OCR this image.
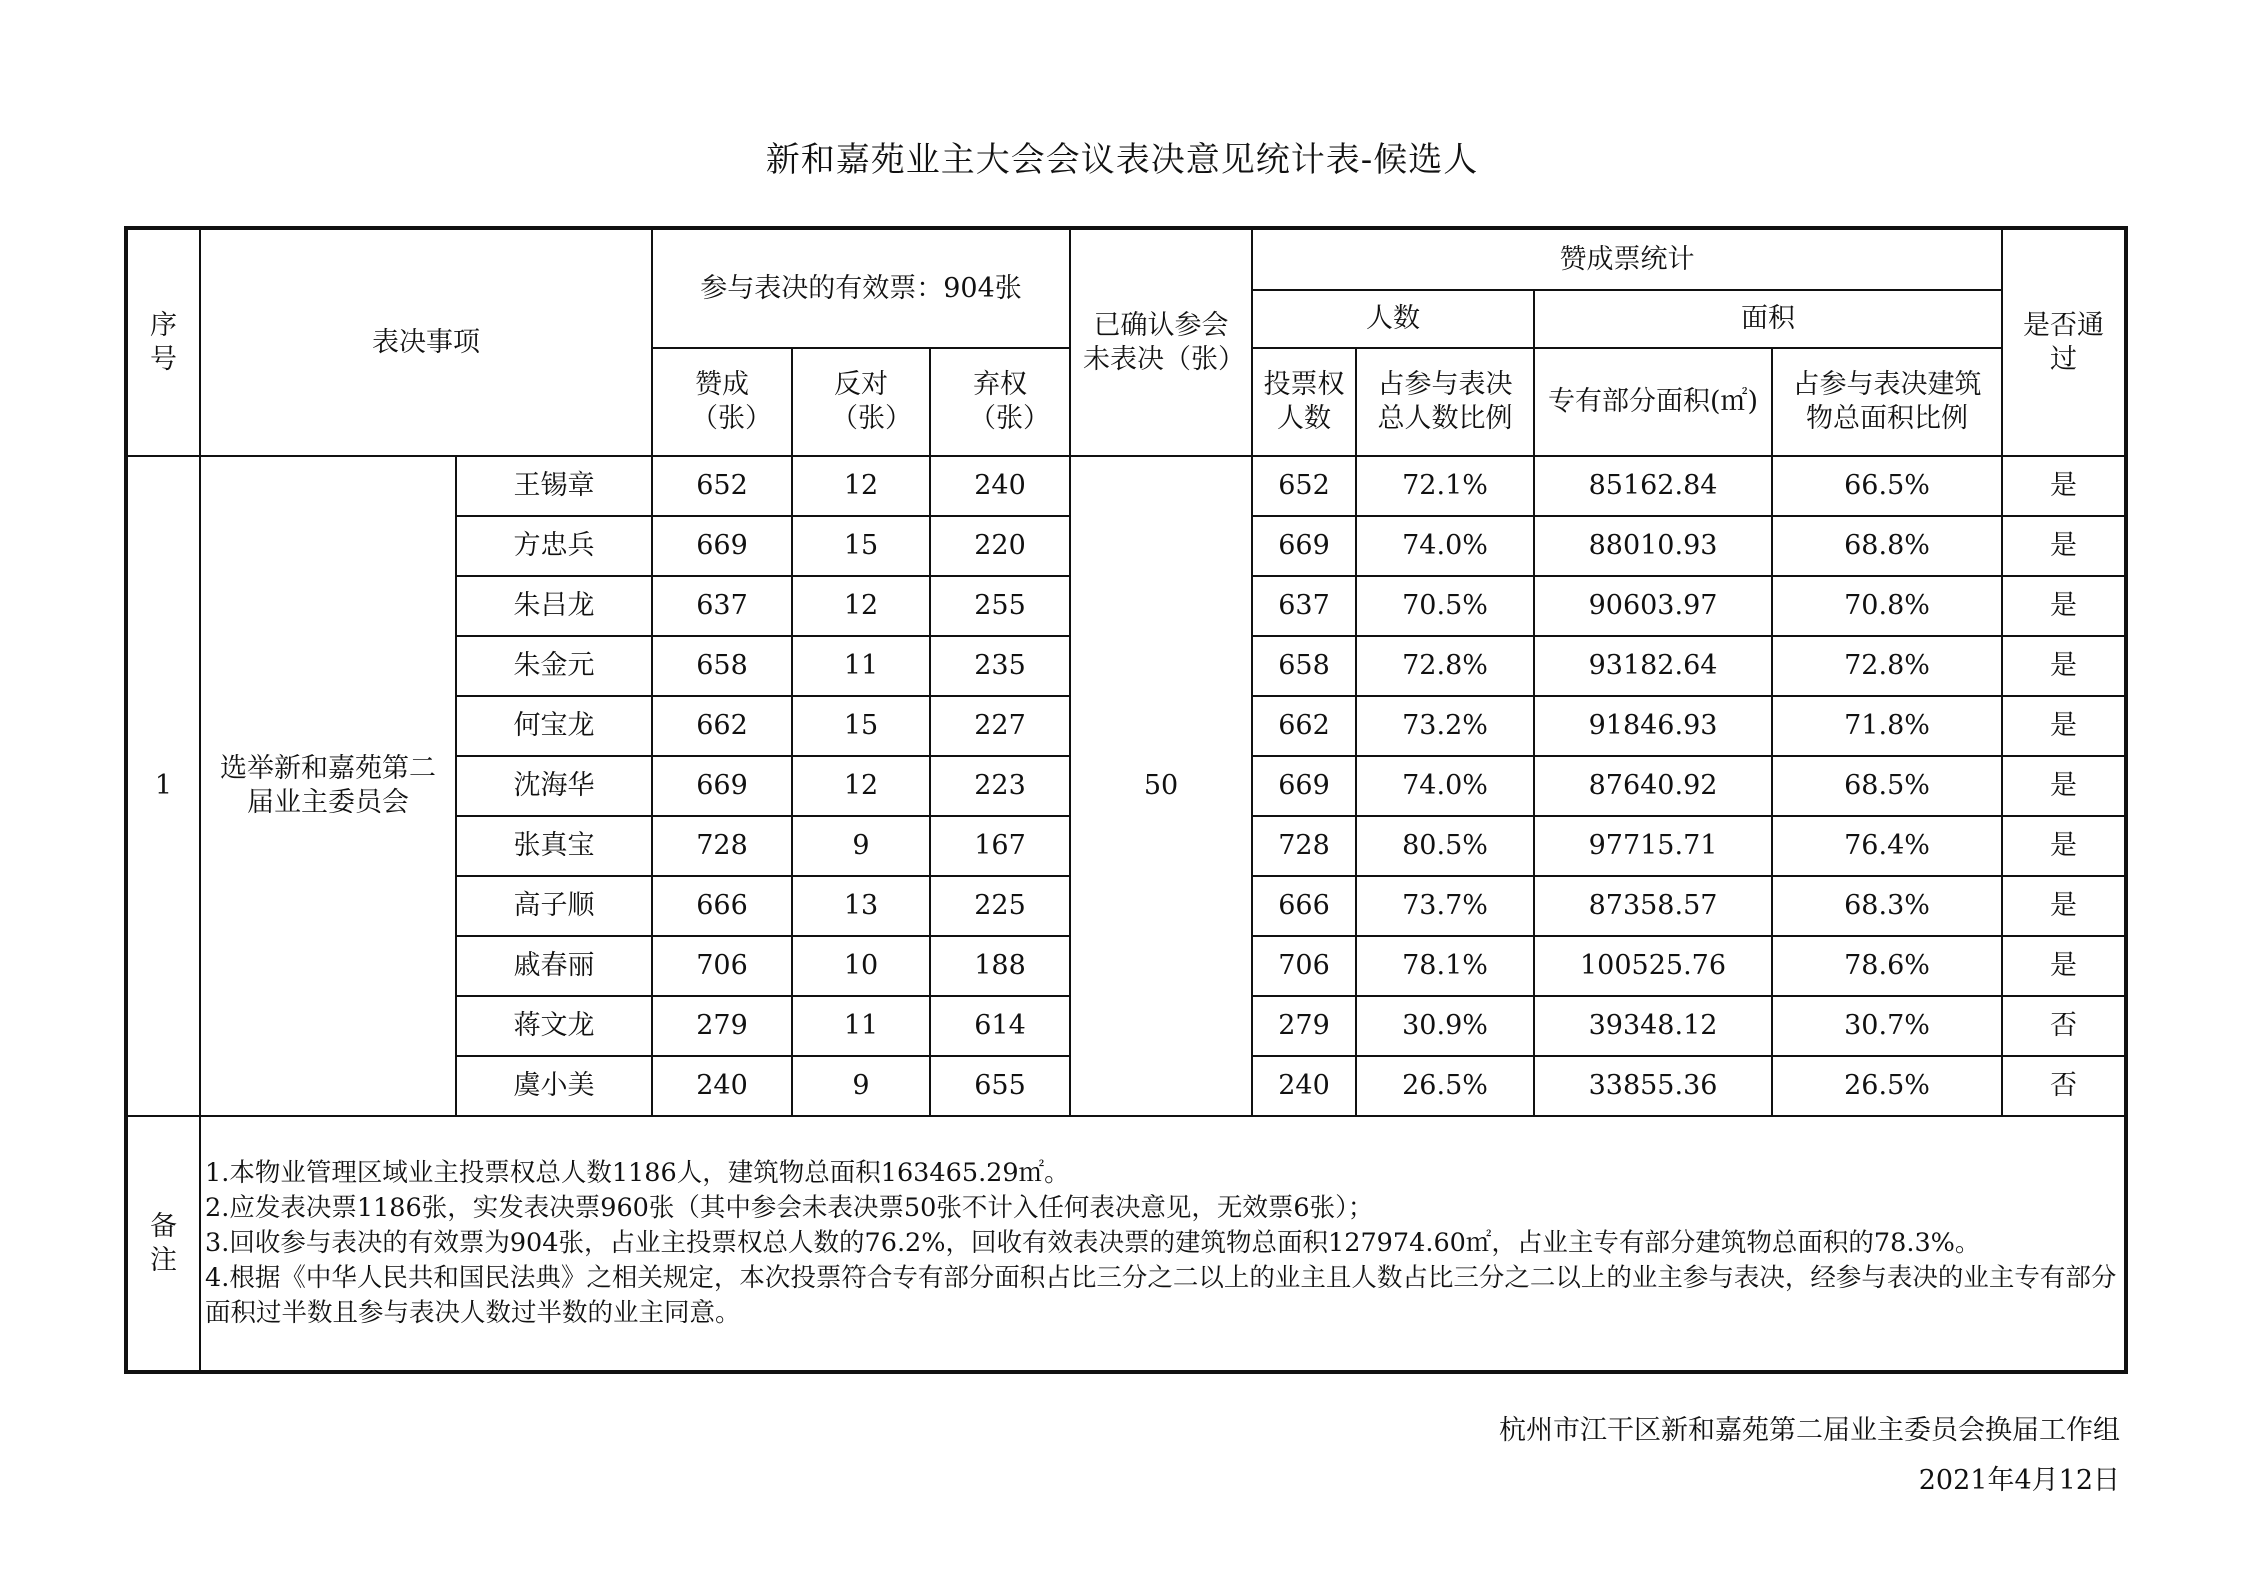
新和嘉苑业主大会会议表决意见统计表-候选人
序号	表决事项		参与表决的有效票：904张			已确认参会未表决（张）	赞成票统计				是否通过
							人数		面积		
			赞成（张）	反对（张）	弃权（张）		投票权人数	占参与表决总人数比例	专有部分面积(㎡)	占参与表决建筑物总面积比例	
1	选举新和嘉苑第二届业主委员会	王锡章	652	12	240	50	652	72.1%	85162.84	66.5%	是
		方忠兵	669	15	220		669	74.0%	88010.93	68.8%	是
		朱吕龙	637	12	255		637	70.5%	90603.97	70.8%	是
		朱金元	658	11	235		658	72.8%	93182.64	72.8%	是
		何宝龙	662	15	227		662	73.2%	91846.93	71.8%	是
		沈海华	669	12	223		669	74.0%	87640.92	68.5%	是
		张真宝	728	9	167		728	80.5%	97715.71	76.4%	是
		高子顺	666	13	225		666	73.7%	87358.57	68.3%	是
		戚春丽	706	10	188		706	78.1%	100525.76	78.6%	是
		蒋文龙	279	11	614		279	30.9%	39348.12	30.7%	否
		虞小美	240	9	655		240	26.5%	33855.36	26.5%	否
备注	1.本物业管理区域业主投票权总人数1186人，建筑物总面积163465.29㎡。
2.应发表决票1186张，实发表决票960张（其中参会未表决票50张不计入任何表决意见，无效票6张）；
3.回收参与表决的有效票为904张，占业主投票权总人数的76.2%，回收有效表决票的建筑物总面积127974.60㎡，占业主专有部分建筑物总面积的78.3%。
4.根据《中华人民共和国民法典》之相关规定，本次投票符合专有部分面积占比三分之二以上的业主且人数占比三分之二以上的业主参与表决，经参与表决的业主专有部分面积过半数且参与表决人数过半数的业主同意。										
杭州市江干区新和嘉苑第二届业主委员会换届工作组
2021年4月12日
